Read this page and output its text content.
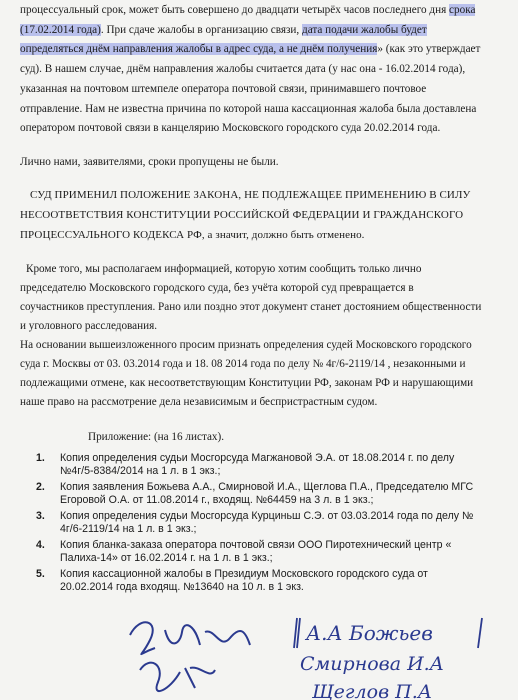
процессуальный срок, может быть совершено до двадцати четырёх часов последнего дня срока
(17.02.2014 года). При сдаче жалобы в организацию связи, дата подачи жалобы будет
определяться днём направления жалобы в адрес суда, а не днём получения» (как это утверждает
суд). В нашем случае, днём направления жалобы считается дата (у нас она - 16.02.2014 года),
указанная на почтовом штемпеле оператора почтовой связи, принимавшего почтовое
отправление. Нам не известна причина по которой наша кассационная жалоба была доставлена
оператором почтовой связи в канцелярию Московского городского суда 20.02.2014 года.
Лично нами, заявителями, сроки пропущены не были.
СУД ПРИМЕНИЛ ПОЛОЖЕНИЕ ЗАКОНА, НЕ ПОДЛЕЖАЩЕЕ ПРИМЕНЕНИЮ В СИЛУ
НЕСООТВЕТСТВИЯ КОНСТИТУЦИИ РОССИЙСКОЙ ФЕДЕРАЦИИ И ГРАЖДАНСКОГО
ПРОЦЕССУАЛЬНОГО КОДЕКСА РФ, а значит, должно быть отменено.
Кроме того, мы располагаем информацией, которую хотим сообщить только лично
председателю Московского городского суда, без учёта которой суд превращается в
соучастников преступления. Рано или поздно этот документ станет достоянием общественности
и уголовного расследования.
На основании вышеизложенного просим признать определения судей Московского городского
суда г. Москвы от 03. 03.2014 года и 18. 08 2014 года по делу № 4г/6-2119/14 , незаконными и
подлежащими отмене, как несоответствующим Конституции РФ, законам РФ и нарушающими
наше право на рассмотрение дела независимым и беспристрастным судом.
Приложение: (на 16 листах).
1. Копия определения судьи Мосгорсуда Магжановой Э.А. от 18.08.2014 г. по делу
№4г/5-8384/2014 на 1 л. в 1 экз.;
2. Копия заявления Божьева А.А., Смирновой И.А., Щеглова П.А., Председателю МГС
Егоровой О.А. от 11.08.2014 г., входящ. №64459 на 3 л. в 1 экз.;
3. Копия определения судьи Мосгорсуда Курциньш С.Э. от 03.03.2014 года по делу №
4г/6-2119/14 на 1 л. в 1 экз.;
4. Копия бланка-заказа оператора почтовой связи ООО Пиротехнический центр «
Палиха-14» от 16.02.2014 г. на 1 л. в 1 экз.;
5. Копия кассационной жалобы в Президиум Московского городского суда от
20.02.2014 года входящ. №13640 на 10 л. в 1 экз.
А.А Божьев
Смирнова И.А
Щеглов П.А
